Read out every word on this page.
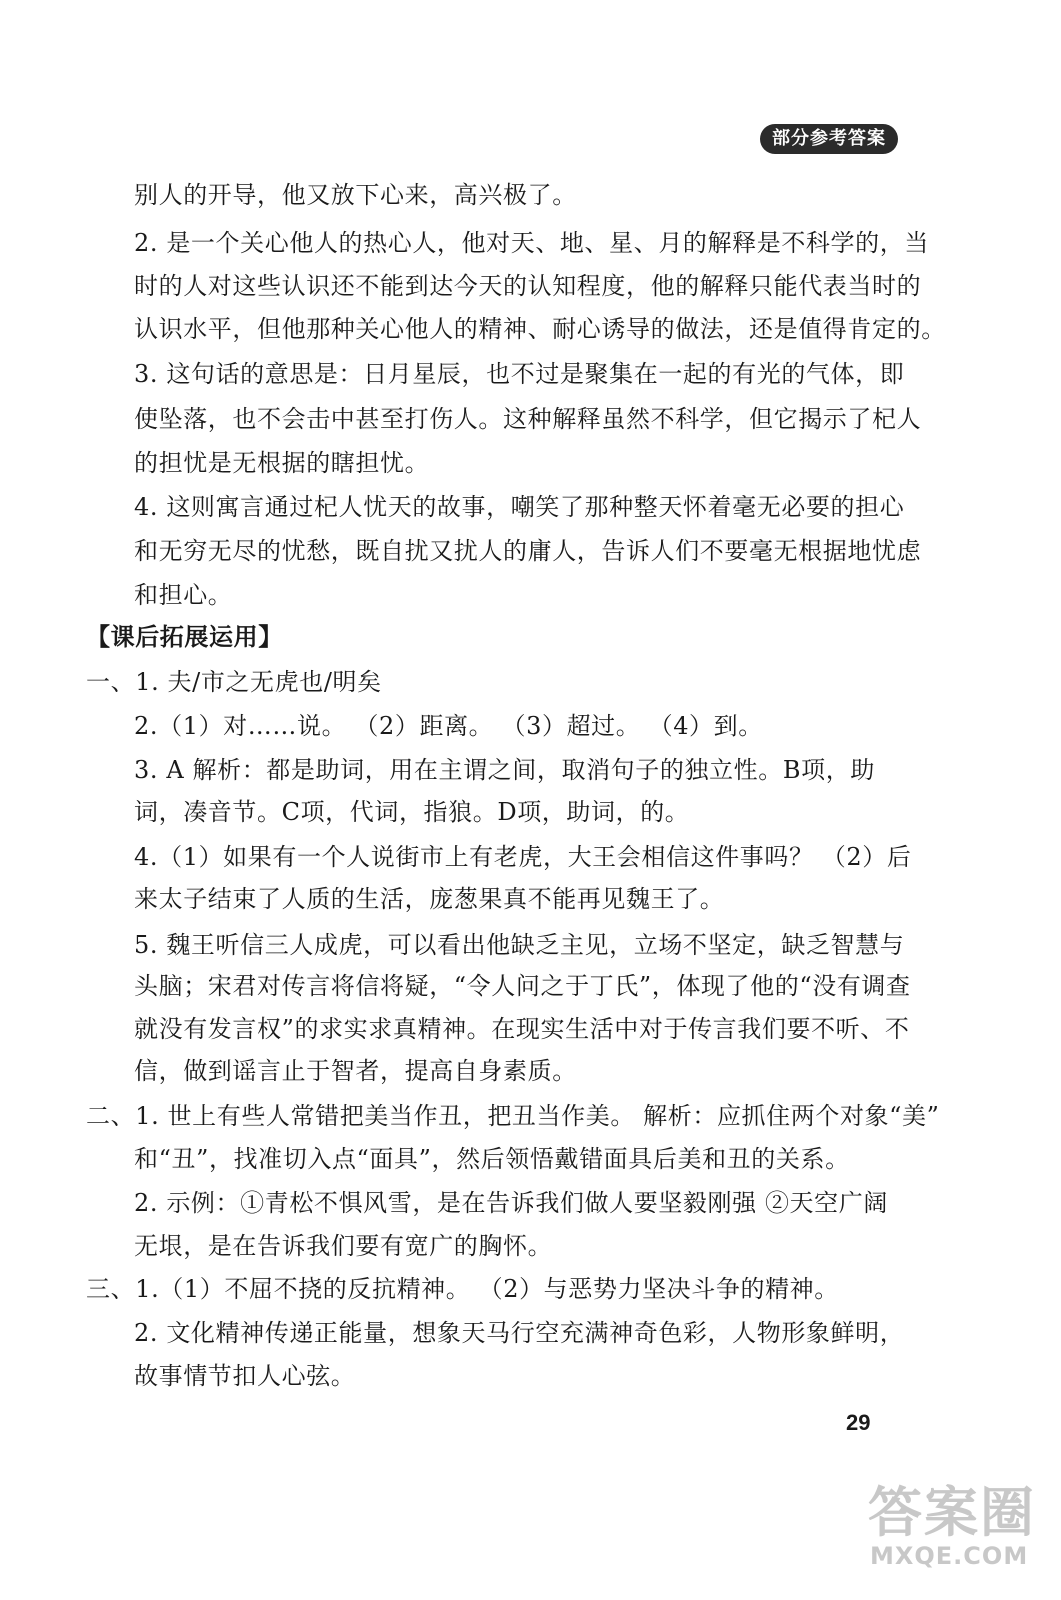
部分参考答案
别人的开导，他又放下心来，高兴极了。
2. 是一个关心他人的热心人，他对天、地、星、月的解释是不科学的，当
时的人对这些认识还不能到达今天的认知程度，他的解释只能代表当时的
认识水平，但他那种关心他人的精神、耐心诱导的做法，还是值得肯定的。
3. 这句话的意思是：日月星辰，也不过是聚集在一起的有光的气体，即
使坠落，也不会击中甚至打伤人。这种解释虽然不科学，但它揭示了杞人
的担忧是无根据的瞎担忧。
4. 这则寓言通过杞人忧天的故事，嘲笑了那种整天怀着毫无必要的担心
和无穷无尽的忧愁，既自扰又扰人的庸人，告诉人们不要毫无根据地忧虑
和担心。
【课后拓展运用】
一、1. 夫/市之无虎也/明矣
2.（1）对……说。 （2）距离。 （3）超过。 （4）到。
3. A 解析：都是助词，用在主谓之间，取消句子的独立性。B项，助
词，凑音节。C项，代词，指狼。D项，助词，的。
4.（1）如果有一个人说街市上有老虎，大王会相信这件事吗？ （2）后
来太子结束了人质的生活，庞葱果真不能再见魏王了。
5. 魏王听信三人成虎，可以看出他缺乏主见，立场不坚定，缺乏智慧与
头脑；宋君对传言将信将疑，“令人问之于丁氏”，体现了他的“没有调查
就没有发言权”的求实求真精神。在现实生活中对于传言我们要不听、不
信，做到谣言止于智者，提高自身素质。
二、1. 世上有些人常错把美当作丑，把丑当作美。 解析：应抓住两个对象“美”
和“丑”，找准切入点“面具”，然后领悟戴错面具后美和丑的关系。
2. 示例：①青松不惧风雪，是在告诉我们做人要坚毅刚强 ②天空广阔
无垠，是在告诉我们要有宽广的胸怀。
三、1.（1）不屈不挠的反抗精神。 （2）与恶势力坚决斗争的精神。
2. 文化精神传递正能量，想象天马行空充满神奇色彩，人物形象鲜明，
故事情节扣人心弦。
29
答案圈
MXQE.COM
